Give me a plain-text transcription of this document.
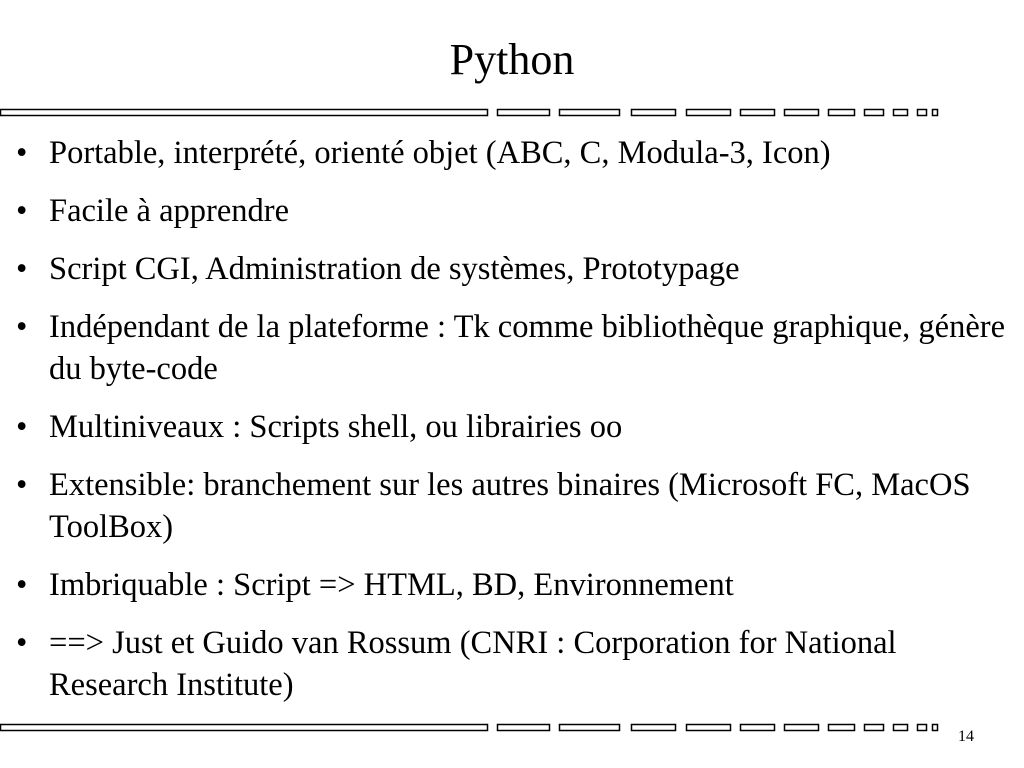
Python
• Portable, interprété, orienté objet (ABC, C, Modula-3, Icon)
• Facile à apprendre
• Script CGI, Administration de systèmes, Prototypage
• Indépendant de la plateforme : Tk comme bibliothèque graphique, génère du byte-code
• Multiniveaux : Scripts shell, ou librairies oo
• Extensible: branchement sur les autres binaires (Microsoft FC, MacOS ToolBox)
• Imbriquable : Script => HTML, BD, Environnement
• ==> Just et Guido van Rossum (CNRI : Corporation for National Research Institute)
14
